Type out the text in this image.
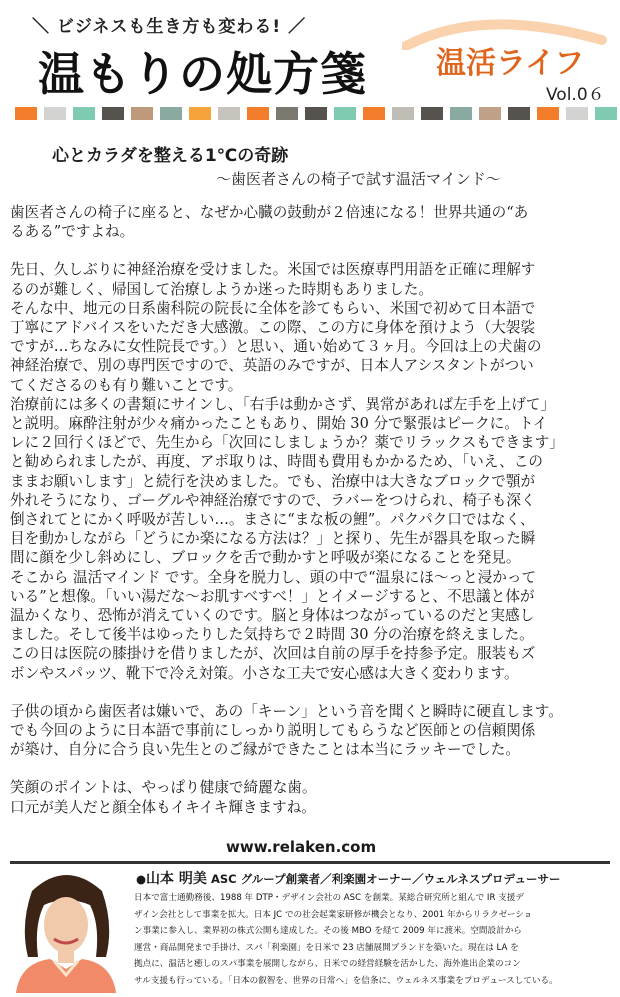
＼ ビジネスも生き方も変わる! ／
温もりの処方箋 温活ライフ
Vol.0６
心とカラダを整える1℃の奇跡
〜歯医者さんの椅子で試す温活マインド〜

歯医者さんの椅子に座ると、なぜか心臓の鼓動が２倍速になる！世界共通の“あ
るある”ですよね。

先日、久しぶりに神経治療を受けました。米国では医療専門用語を正確に理解す
るのが難しく、帰国して治療しようか迷った時期もありました。
そんな中、地元の日系歯科院の院長に全体を診てもらい、米国で初めて日本語で
丁寧にアドバイスをいただき大感激。この際、この方に身体を預けよう（大袈裟
ですが…ちなみに女性院長です。）と思い、通い始めて３ヶ月。今回は上の犬歯の
神経治療で、別の専門医ですので、英語のみですが、日本人アシスタントがつい
てくださるのも有り難いことです。
治療前には多くの書類にサインし、「右手は動かさず、異常があれば左手を上げて」
と説明。麻酔注射が少々痛かったこともあり、開始 30 分で緊張はピークに。トイ
レに２回行くほどで、先生から「次回にしましょうか？薬でリラックスもできます」
と勧められましたが、再度、アポ取りは、時間も費用もかかるため、「いえ、この
ままお願いします」と続行を決めました。でも、治療中は大きなブロックで顎が
外れそうになり、ゴーグルや神経治療ですので、ラバーをつけられ、椅子も深く
倒されてとにかく呼吸が苦しい…。まさに“まな板の鯉”。パクパク口ではなく、
目を動かしながら「どうにか楽になる方法は？」と探り、先生が器具を取った瞬
間に顔を少し斜めにし、ブロックを舌で動かすと呼吸が楽になることを発見。
そこから 温活マインド です。全身を脱力し、頭の中で“温泉にほ〜っと浸かって
いる”と想像。「いい湯だな〜お肌すべすべ！」とイメージすると、不思議と体が
温かくなり、恐怖が消えていくのです。脳と身体はつながっているのだと実感し
ました。そして後半はゆったりした気持ちで２時間 30 分の治療を終えました。
この日は医院の膝掛けを借りましたが、次回は自前の厚手を持参予定。服装もズ
ボンやスパッツ、靴下で冷え対策。小さな工夫で安心感は大きく変わります。

子供の頃から歯医者は嫌いで、あの「キーン」という音を聞くと瞬時に硬直します。
でも今回のように日本語で事前にしっかり説明してもらうなど医師との信頼関係
が築け、自分に合う良い先生とのご縁ができたことは本当にラッキーでした。

笑顔のポイントは、やっぱり健康で綺麗な歯。
口元が美人だと顔全体もイキイキ輝きますね。

www.relaken.com
●山本 明美 ASC グループ創業者／利楽園オーナー／ウェルネスプロデューサー
日本で富士通勤務後、1988 年 DTP・デザイン会社の ASC を創業。某総合研究所と組んで IR 支援デ
ザイン会社として事業を拡大。日本 JC での社会起業家研修が機会となり、2001 年からリラクゼーショ
ン事業に参入し、業界初の株式公開も達成した。その後 MBO を経て 2009 年に渡米。空間設計から
運営・商品開発まで手掛け、スパ「利楽園」を日米で 23 店舗展開ブランドを築いた。現在は LA を
拠点に、温活と癒しのスパ事業を展開しながら、日米での経営経験を活かした、海外進出企業のコン
サル支援も行っている。「日本の叡智を、世界の日常へ」を信条に、ウェルネス事業をプロデュースしている。
